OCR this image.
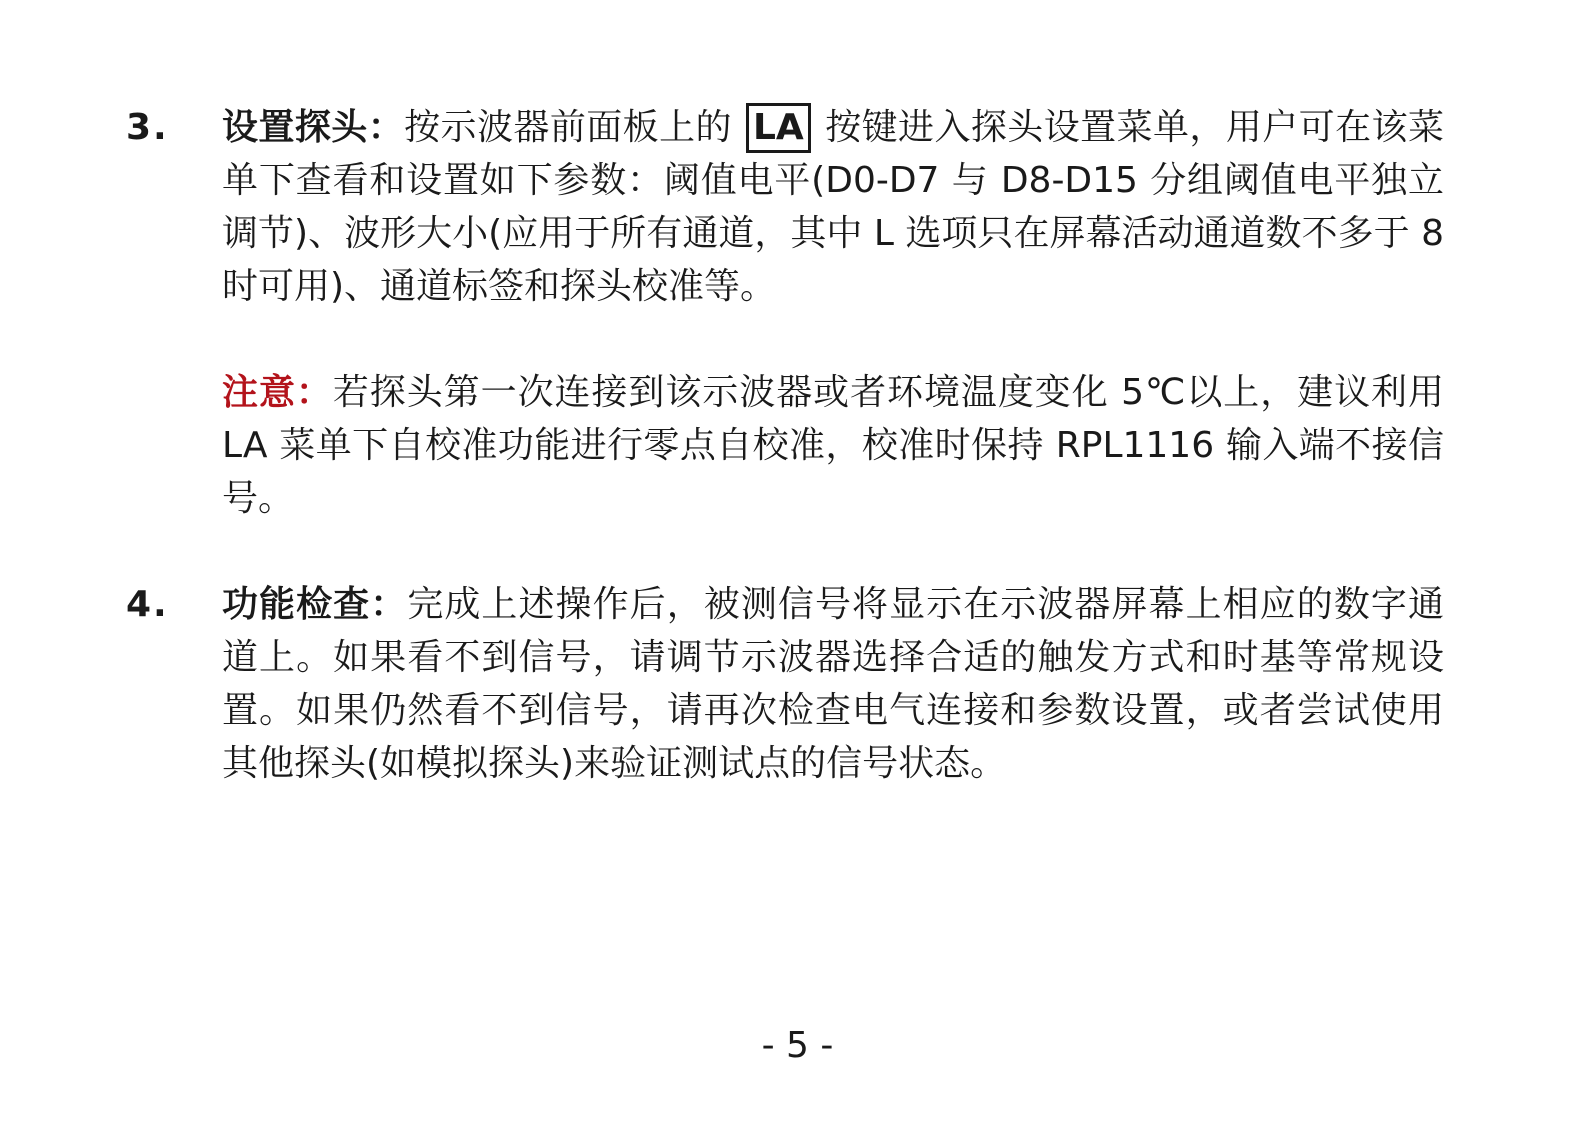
3. 设置探头：按示波器前面板上的 LA 按键进入探头设置菜单，用户可在该菜单下查看和设置如下参数：阈值电平(D0-D7 与 D8-D15 分组阈值电平独立调节)、波形大小(应用于所有通道，其中 L 选项只在屏幕活动通道数不多于 8 时可用)、通道标签和探头校准等。

注意：若探头第一次连接到该示波器或者环境温度变化 5℃以上，建议利用 LA 菜单下自校准功能进行零点自校准，校准时保持 RPL1116 输入端不接信号。

4. 功能检查：完成上述操作后，被测信号将显示在示波器屏幕上相应的数字通道上。如果看不到信号，请调节示波器选择合适的触发方式和时基等常规设置。如果仍然看不到信号，请再次检查电气连接和参数设置，或者尝试使用其他探头(如模拟探头)来验证测试点的信号状态。

- 5 -
